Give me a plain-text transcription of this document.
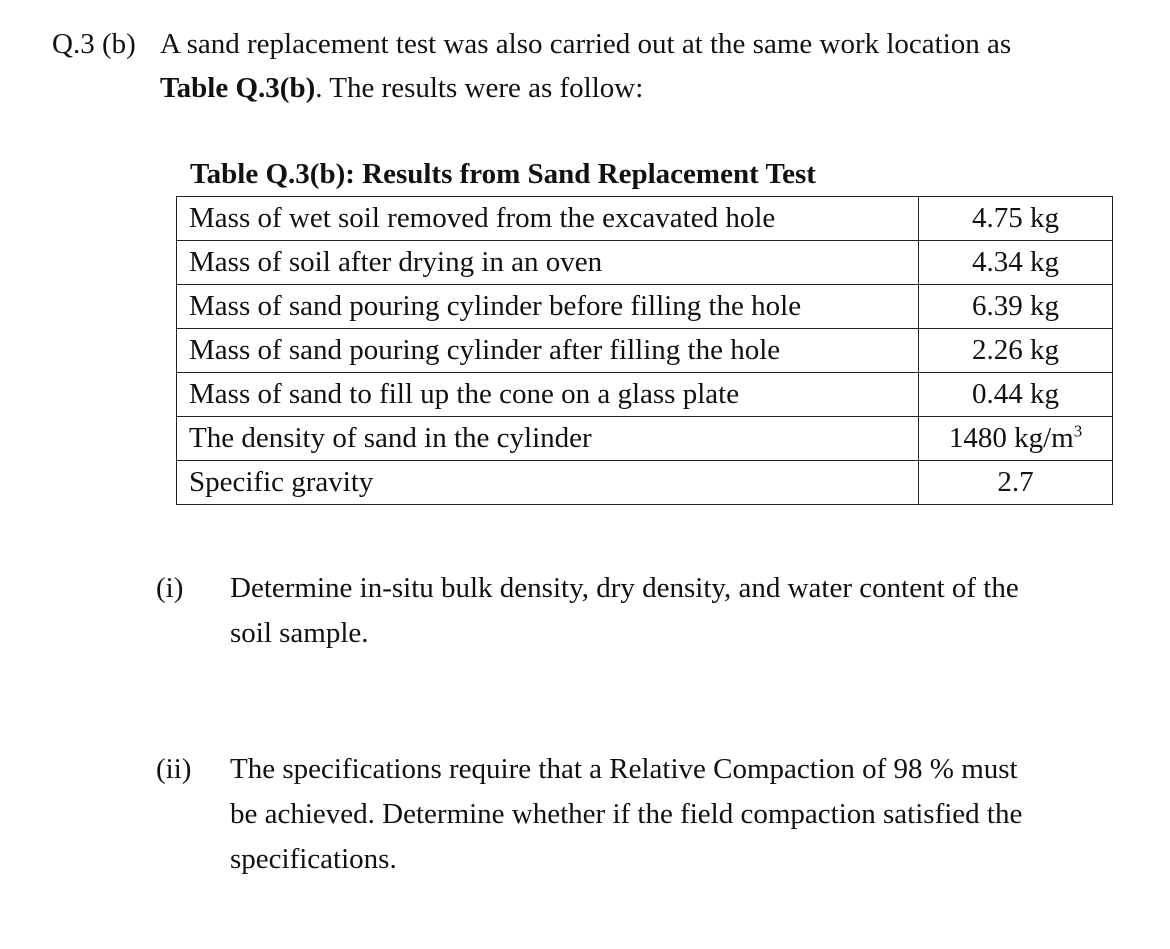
Q.3 (b) A sand replacement test was also carried out at the same work location as
Table Q.3(b). The results were as follow:
Table Q.3(b): Results from Sand Replacement Test
Mass of wet soil removed from the excavated hole	4.75 kg
Mass of soil after drying in an oven	4.34 kg
Mass of sand pouring cylinder before filling the hole	6.39 kg
Mass of sand pouring cylinder after filling the hole	2.26 kg
Mass of sand to fill up the cone on a glass plate	0.44 kg
The density of sand in the cylinder	1480 $kg/m^3$
Specific gravity	2.7
(i) Determine in-situ bulk density, dry density, and water content of the
soil sample.
(ii) The specifications require that a Relative Compaction of 98 % must
be achieved. Determine whether if the field compaction satisfied the
specifications.
